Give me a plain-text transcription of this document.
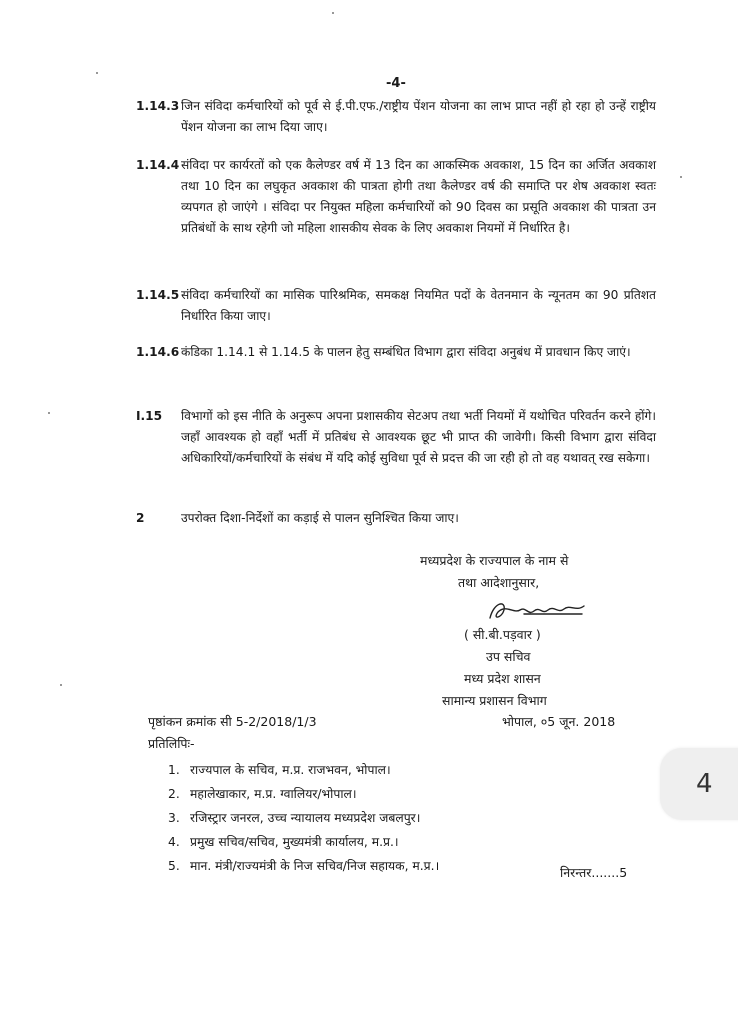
-4-
1.14.3 जिन संविदा कर्मचारियों को पूर्व से ई.पी.एफ./राष्ट्रीय पेंशन योजना का लाभ प्राप्त नहीं हो रहा हो उन्हें राष्ट्रीय पेंशन योजना का लाभ दिया जाए।
1.14.4 संविदा पर कार्यरतों को एक कैलेण्डर वर्ष में 13 दिन का आकस्मिक अवकाश, 15 दिन का अर्जित अवकाश तथा 10 दिन का लघुकृत अवकाश की पात्रता होगी तथा कैलेण्डर वर्ष की समाप्ति पर शेष अवकाश स्वतः व्यपगत हो जाएंगे । संविदा पर नियुक्त महिला कर्मचारियों को 90 दिवस का प्रसूति अवकाश की पात्रता उन प्रतिबंधों के साथ रहेगी जो महिला शासकीय सेवक के लिए अवकाश नियमों में निर्धारित है।
1.14.5 संविदा कर्मचारियों का मासिक पारिश्रमिक, समकक्ष नियमित पदों के वेतनमान के न्यूनतम का 90 प्रतिशत निर्धारित किया जाए।
1.14.6 कंडिका 1.14.1 से 1.14.5 के पालन हेतु सम्बंधित विभाग द्वारा संविदा अनुबंध में प्रावधान किए जाएं।
I.15	विभागों को इस नीति के अनुरूप अपना प्रशासकीय सेटअप तथा भर्ती नियमों में यथोचित परिवर्तन करने होंगे। जहाँ आवश्यक हो वहाँ भर्ती में प्रतिबंध से आवश्यक छूट भी प्राप्त की जावेगी। किसी विभाग द्वारा संविदा अधिकारियों/कर्मचारियों के संबंध में यदि कोई सुविधा पूर्व से प्रदत्त की जा रही हो तो वह यथावत् रख सकेगा।
2	उपरोक्त दिशा-निर्देशों का कड़ाई से पालन सुनिश्चित किया जाए।
मध्यप्रदेश के राज्यपाल के नाम से
तथा आदेशानुसार,
( सी.बी.पड़वार )
उप सचिव
मध्य प्रदेश शासन
सामान्य प्रशासन विभाग
पृष्ठांकन क्रमांक सी 5-2/2018/1/3	भोपाल, ०5 जून. 2018
प्रतिलिपिः-
1. राज्यपाल के सचिव, म.प्र. राजभवन, भोपाल।
2. महालेखाकार, म.प्र. ग्वालियर/भोपाल।
3. रजिस्ट्रार जनरल, उच्च न्यायालय मध्यप्रदेश जबलपुर।
4. प्रमुख सचिव/सचिव, मुख्यमंत्री कार्यालय, म.प्र.।
5. मान. मंत्री/राज्यमंत्री के निज सचिव/निज सहायक, म.प्र.।	निरन्तर.......5
4
